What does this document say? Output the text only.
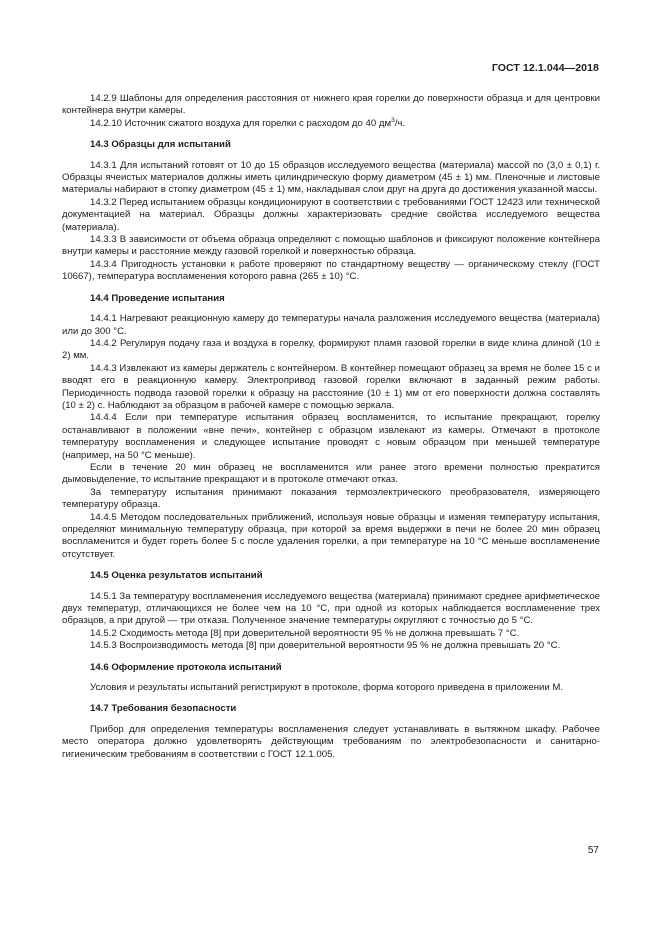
ГОСТ 12.1.044—2018

14.2.9 Шаблоны для определения расстояния от нижнего края горелки до поверхности образца и для центровки контейнера внутри камеры.

14.2.10 Источник сжатого воздуха для горелки с расходом до 40 $дм^3/ч$.

14.3 Образцы для испытаний

14.3.1 Для испытаний готовят от 10 до 15 образцов исследуемого вещества (материала) массой по (3,0 ± 0,1) г. Образцы ячеистых материалов должны иметь цилиндрическую форму диаметром (45 ± 1) мм. Пленочные и листовые материалы набирают в стопку диаметром (45 ± 1) мм, накладывая слои друг на друга до достижения указанной массы.

14.3.2 Перед испытанием образцы кондиционируют в соответствии с требованиями ГОСТ 12423 или технической документацией на материал. Образцы должны характеризовать средние свойства исследуемого вещества (материала).

14.3.3 В зависимости от объема образца определяют с помощью шаблонов и фиксируют положение контейнера внутри камеры и расстояние между газовой горелкой и поверхностью образца.

14.3.4 Пригодность установки к работе проверяют по стандартному веществу — органическому стеклу (ГОСТ 10667), температура воспламенения которого равна (265 ± 10) °С.

14.4 Проведение испытания

14.4.1 Нагревают реакционную камеру до температуры начала разложения исследуемого вещества (материала) или до 300 °С.

14.4.2 Регулируя подачу газа и воздуха в горелку, формируют пламя газовой горелки в виде клина длиной (10 ± 2) мм.

14.4.3 Извлекают из камеры держатель с контейнером. В контейнер помещают образец за время не более 15 с и вводят его в реакционную камеру. Электропривод газовой горелки включают в заданный режим работы. Периодичность подвода газовой горелки к образцу на расстояние (10 ± 1) мм от его поверхности должна составлять (10 ± 2) с. Наблюдают за образцом в рабочей камере с помощью зеркала.

14.4.4 Если при температуре испытания образец воспламенится, то испытание прекращают, горелку останавливают в положении «вне печи», контейнер с образцом извлекают из камеры. Отмечают в протоколе температуру воспламенения и следующее испытание проводят с новым образцом при меньшей температуре (например, на 50 °С меньше).

Если в течение 20 мин образец не воспламенится или ранее этого времени полностью прекратится дымовыделение, то испытание прекращают и в протоколе отмечают отказ.

За температуру испытания принимают показания термоэлектрического преобразователя, измеряющего температуру образца.

14.4.5 Методом последовательных приближений, используя новые образцы и изменяя температуру испытания, определяют минимальную температуру образца, при которой за время выдержки в печи не более 20 мин образец воспламенится и будет гореть более 5 с после удаления горелки, а при температуре на 10 °С меньше воспламенение отсутствует.

14.5 Оценка результатов испытаний

14.5.1 За температуру воспламенения исследуемого вещества (материала) принимают среднее арифметическое двух температур, отличающихся не более чем на 10 °С, при одной из которых наблюдается воспламенение трех образцов, а при другой — три отказа. Полученное значение температуры округляют с точностью до 5 °С.

14.5.2 Сходимость метода [8] при доверительной вероятности 95 % не должна превышать 7 °С.

14.5.3 Воспроизводимость метода [8] при доверительной вероятности 95 % не должна превышать 20 °С.

14.6 Оформление протокола испытаний

Условия и результаты испытаний регистрируют в протоколе, форма которого приведена в приложении М.

14.7 Требования безопасности

Прибор для определения температуры воспламенения следует устанавливать в вытяжном шкафу. Рабочее место оператора должно удовлетворять действующим требованиям по электробезопасности и санитарно-гигиеническим требованиям в соответствии с ГОСТ 12.1.005.

57
